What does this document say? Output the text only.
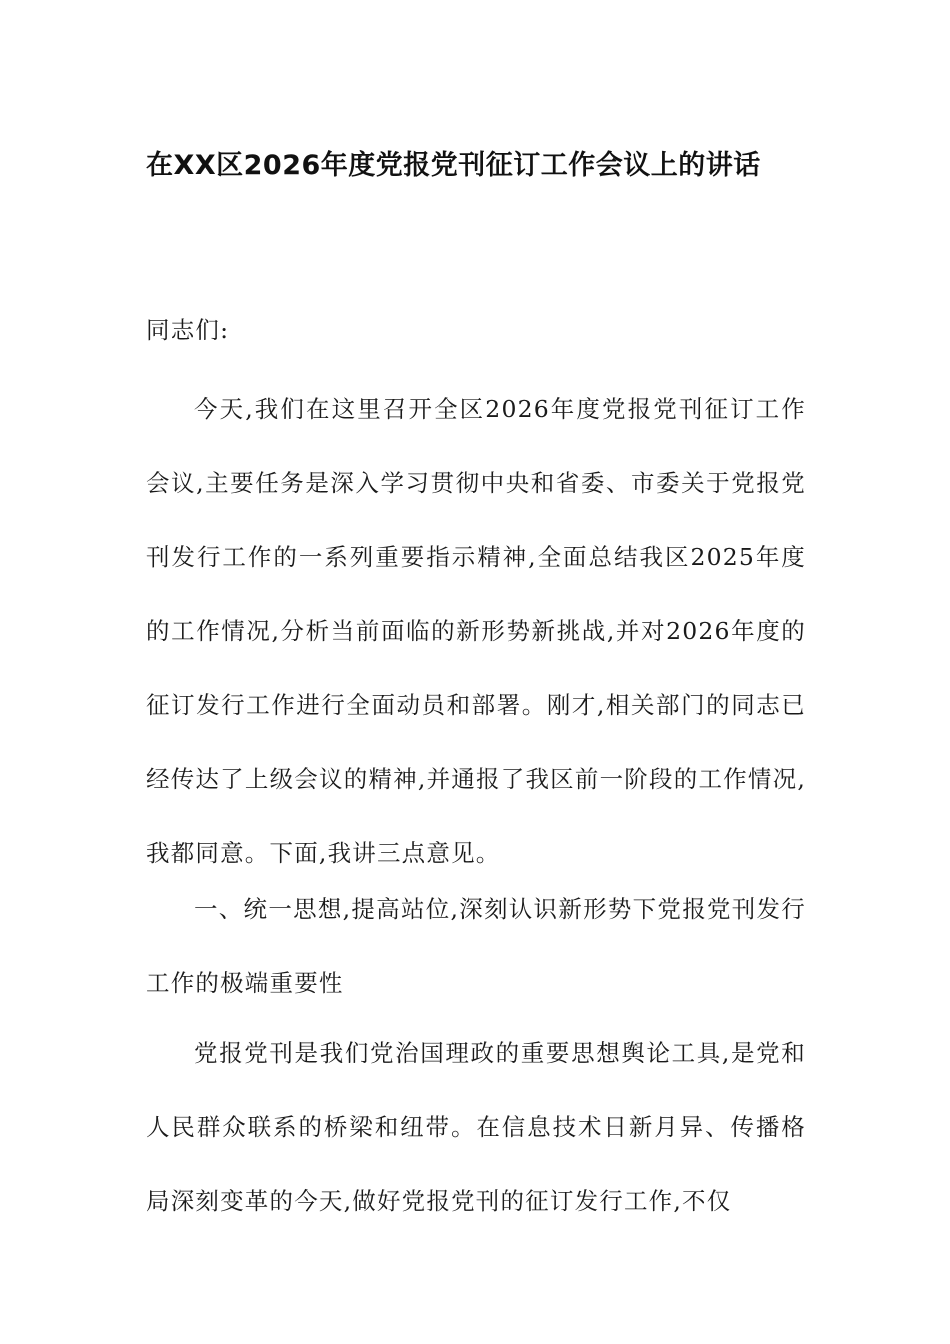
在XX区2026年度党报党刊征订工作会议上的讲话
同志们:

今天,我们在这里召开全区2026年度党报党刊征订工作会议,主要任务是深入学习贯彻中央和省委、市委关于党报党刊发行工作的一系列重要指示精神,全面总结我区2025年度的工作情况,分析当前面临的新形势新挑战,并对2026年度的征订发行工作进行全面动员和部署。刚才,相关部门的同志已经传达了上级会议的精神,并通报了我区前一阶段的工作情况,我都同意。下面,我讲三点意见。

一、统一思想,提高站位,深刻认识新形势下党报党刊发行工作的极端重要性

党报党刊是我们党治国理政的重要思想舆论工具,是党和人民群众联系的桥梁和纽带。在信息技术日新月异、传播格局深刻变革的今天,做好党报党刊的征订发行工作,不仅
